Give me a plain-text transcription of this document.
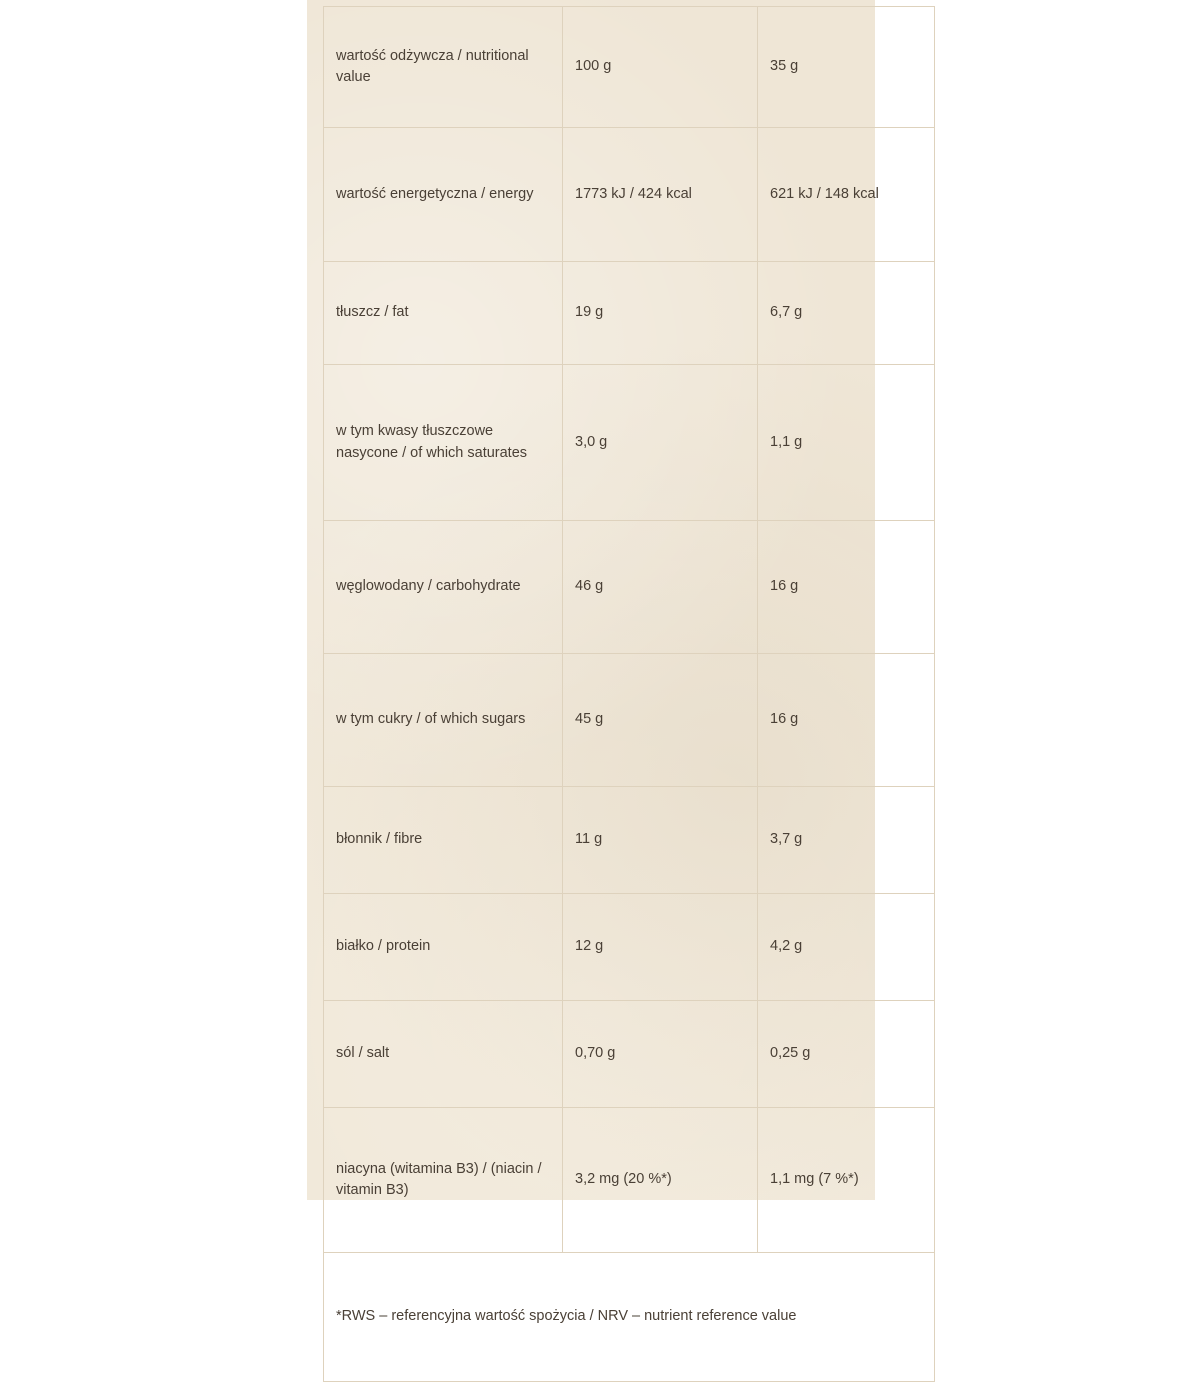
wartość odżywcza / nutritional value	100 g	35 g
wartość energetyczna / energy	1773 kJ / 424 kcal	621 kJ / 148 kcal
tłuszcz / fat	19 g	6,7 g
w tym kwasy tłuszczowe nasycone / of which saturates	3,0 g	1,1 g
węglowodany / carbohydrate	46 g	16 g
w tym cukry / of which sugars	45 g	16 g
błonnik / fibre	11 g	3,7 g
białko / protein	12 g	4,2 g
sól / salt	0,70 g	0,25 g
niacyna (witamina B3) / (niacin / vitamin B3)	3,2 mg (20 %*)	1,1 mg (7 %*)
*RWS – referencyjna wartość spożycia / NRV – nutrient reference value		
